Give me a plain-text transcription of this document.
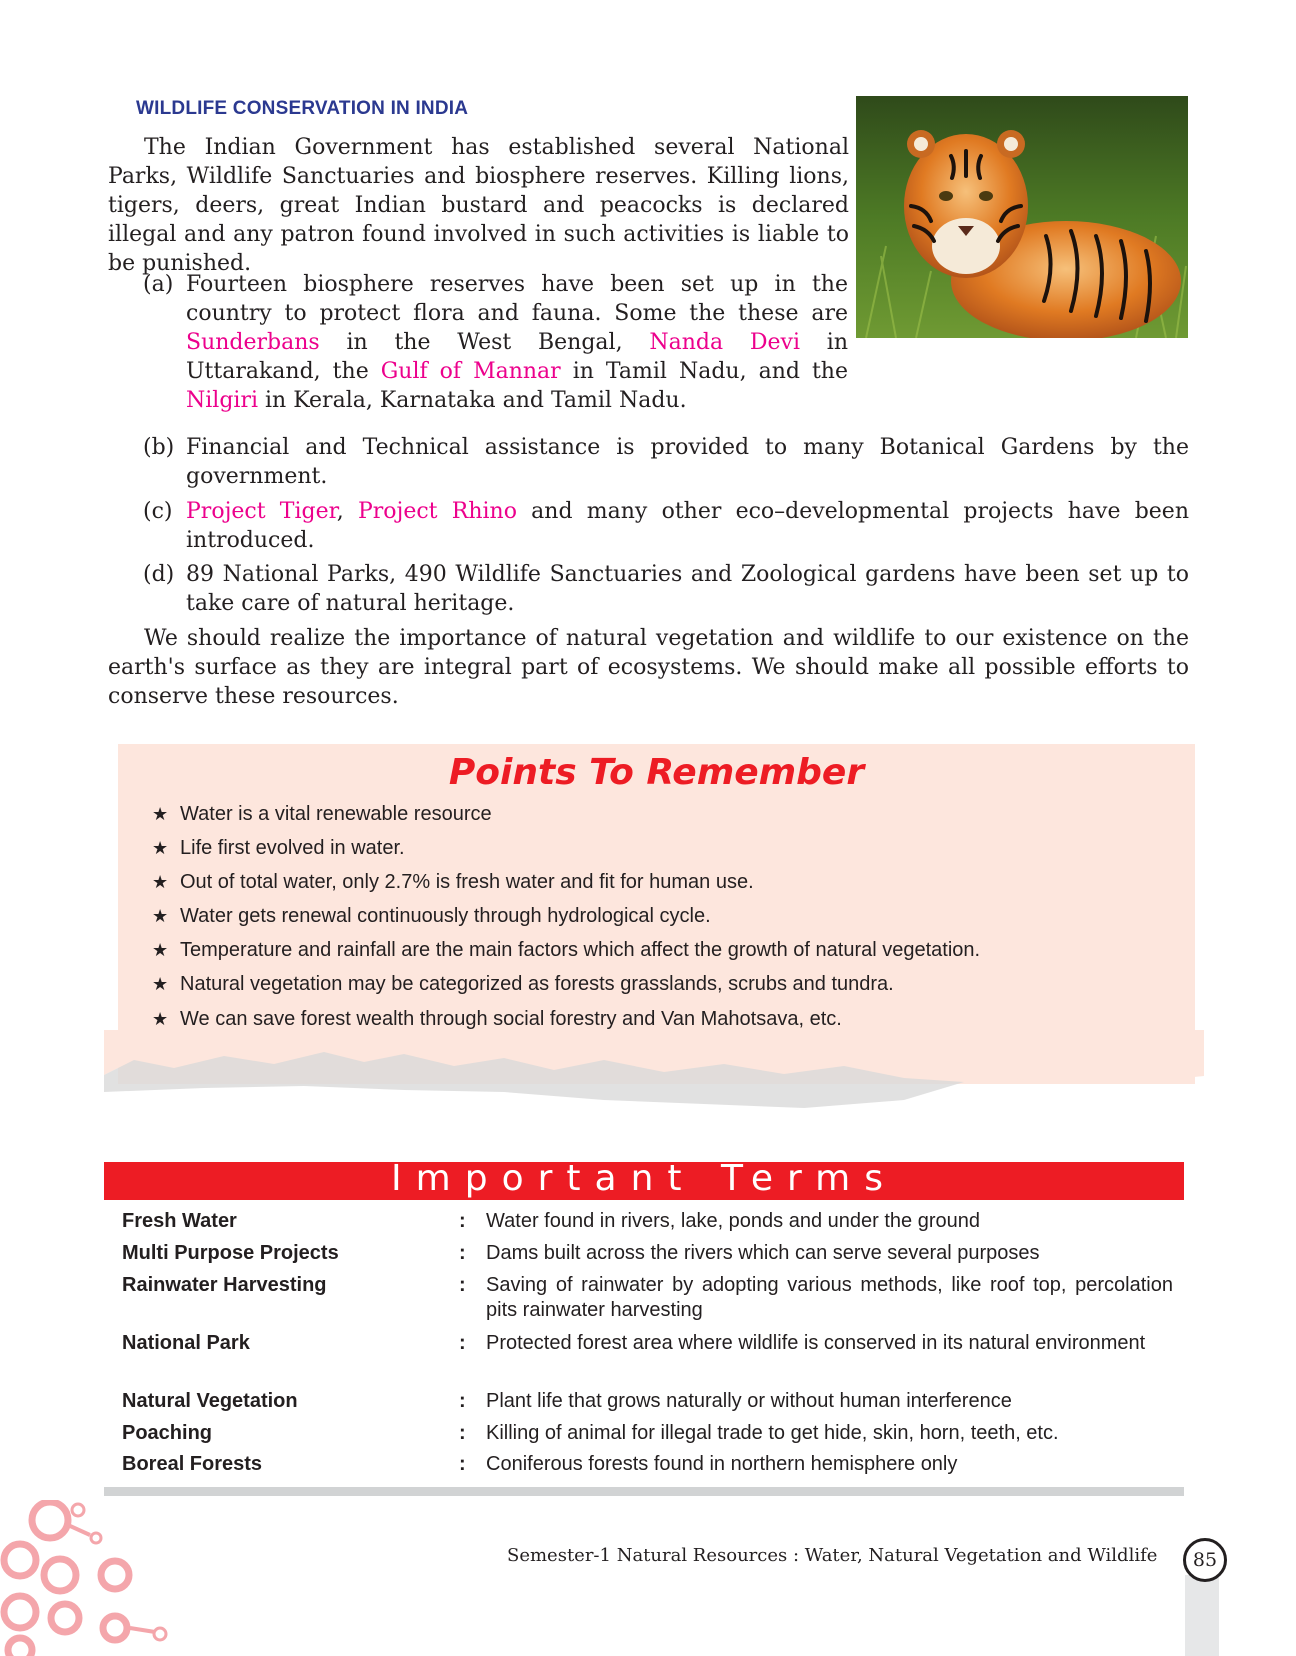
WILDLIFE CONSERVATION IN INDIA
The Indian Government has established several National Parks, Wildlife Sanctuaries and biosphere reserves. Killing lions, tigers, deers, great Indian bustard and peacocks is declared illegal and any patron found involved in such activities is liable to be punished.
(a) Fourteen biosphere reserves have been set up in the country to protect flora and fauna. Some the these are Sunderbans in the West Bengal, Nanda Devi in Uttarakand, the Gulf of Mannar in Tamil Nadu, and the Nilgiri in Kerala, Karnataka and Tamil Nadu.
(b) Financial and Technical assistance is provided to many Botanical Gardens by the government.
(c) Project Tiger, Project Rhino and many other eco–developmental projects have been introduced.
(d) 89 National Parks, 490 Wildlife Sanctuaries and Zoological gardens have been set up to take care of natural heritage.
We should realize the importance of natural vegetation and wildlife to our existence on the earth's surface as they are integral part of ecosystems. We should make all possible efforts to conserve these resources.
Points To Remember
★ Water is a vital renewable resource
★ Life first evolved in water.
★ Out of total water, only 2.7% is fresh water and fit for human use.
★ Water gets renewal continuously through hydrological cycle.
★ Temperature and rainfall are the main factors which affect the growth of natural vegetation.
★ Natural vegetation may be categorized as forests grasslands, scrubs and tundra.
★ We can save forest wealth through social forestry and Van Mahotsava, etc.
Important Terms
Fresh Water	: Water found in rivers, lake, ponds and under the ground
Multi Purpose Projects	: Dams built across the rivers which can serve several purposes
Rainwater Harvesting	: Saving of rainwater by adopting various methods, like roof top, percolation pits rainwater harvesting
National Park	: Protected forest area where wildlife is conserved in its natural environment
Natural Vegetation	: Plant life that grows naturally or without human interference
Poaching	: Killing of animal for illegal trade to get hide, skin, horn, teeth, etc.
Boreal Forests	: Coniferous forests found in northern hemisphere only
Semester-1 Natural Resources : Water, Natural Vegetation and Wildlife	85
